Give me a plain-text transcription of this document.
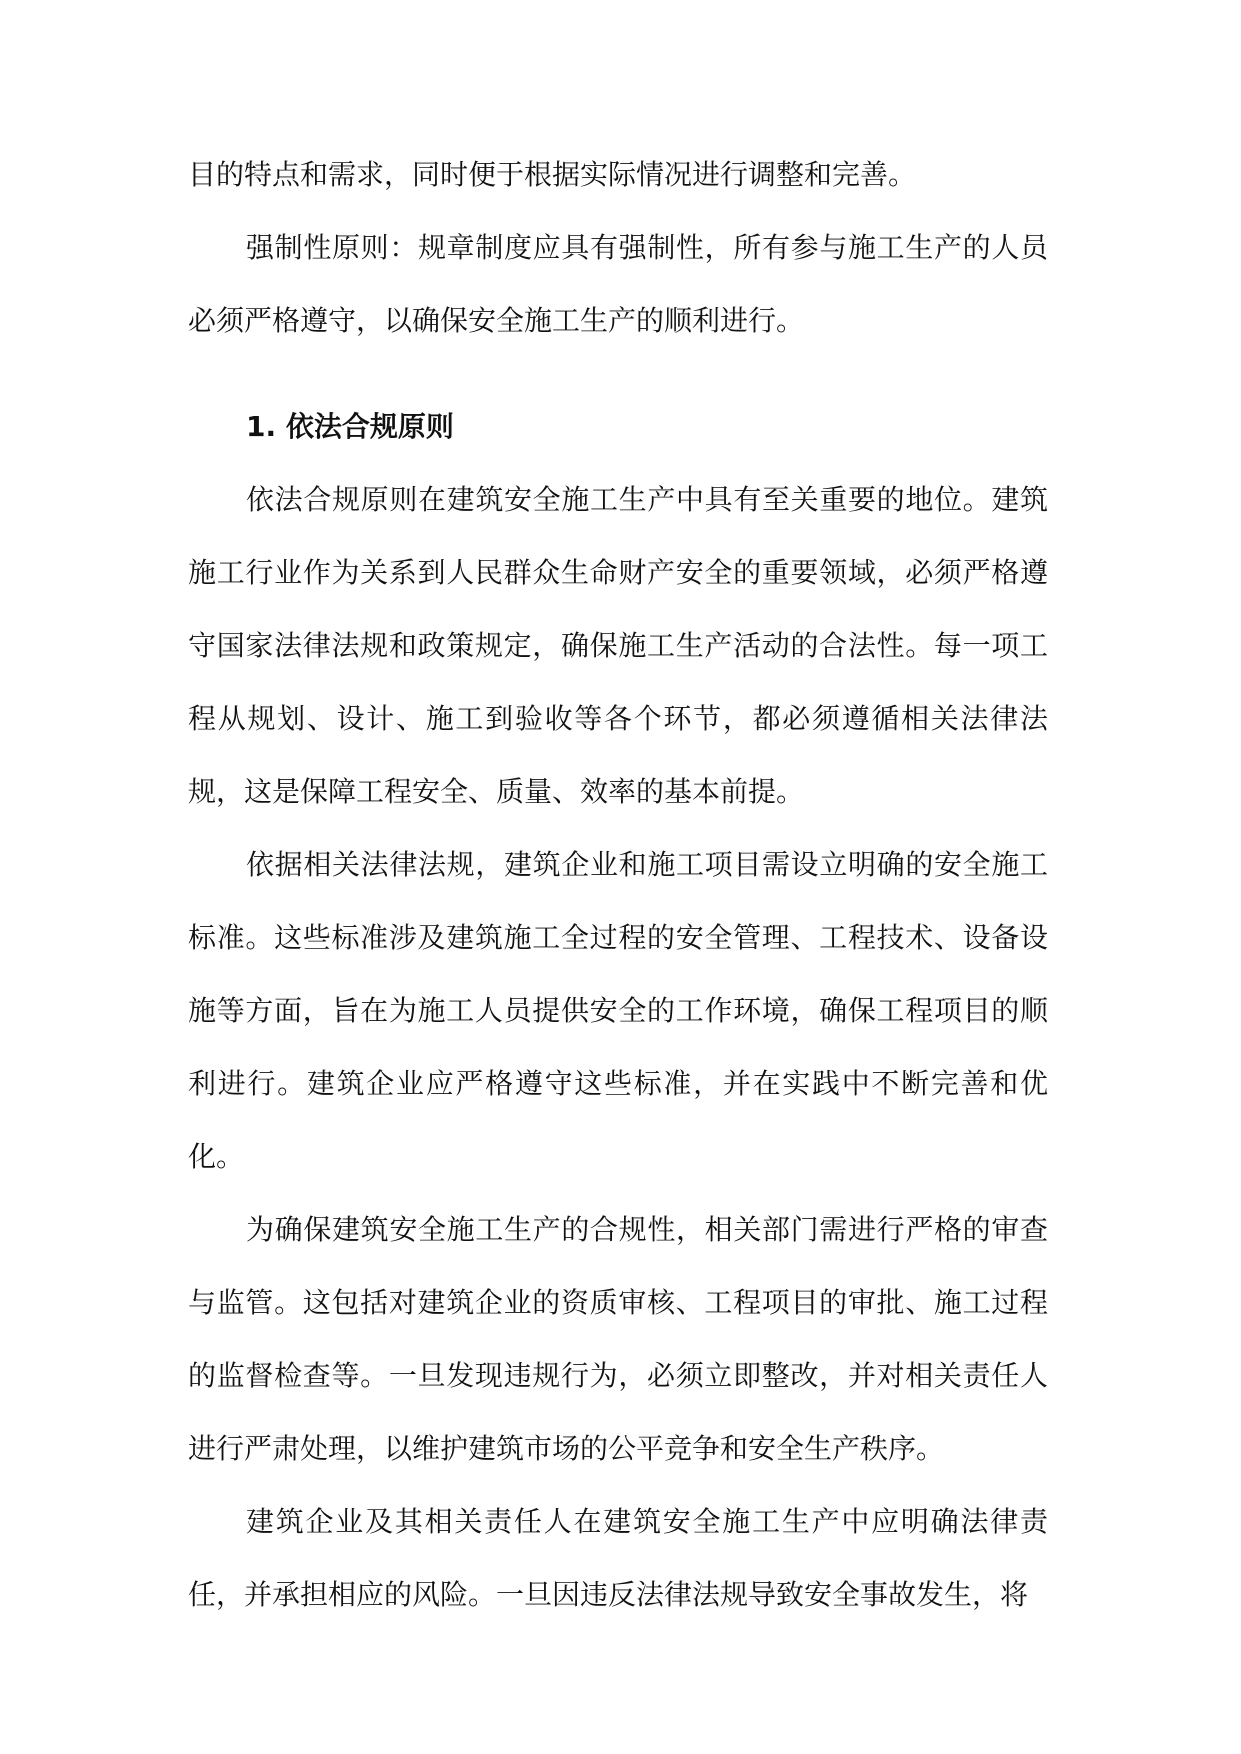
目的特点和需求，同时便于根据实际情况进行调整和完善。

强制性原则：规章制度应具有强制性，所有参与施工生产的人员必须严格遵守，以确保安全施工生产的顺利进行。

1. 依法合规原则

依法合规原则在建筑安全施工生产中具有至关重要的地位。建筑施工行业作为关系到人民群众生命财产安全的重要领域，必须严格遵守国家法律法规和政策规定，确保施工生产活动的合法性。每一项工程从规划、设计、施工到验收等各个环节，都必须遵循相关法律法规，这是保障工程安全、质量、效率的基本前提。

依据相关法律法规，建筑企业和施工项目需设立明确的安全施工标准。这些标准涉及建筑施工全过程的安全管理、工程技术、设备设施等方面，旨在为施工人员提供安全的工作环境，确保工程项目的顺利进行。建筑企业应严格遵守这些标准，并在实践中不断完善和优化。

为确保建筑安全施工生产的合规性，相关部门需进行严格的审查与监管。这包括对建筑企业的资质审核、工程项目的审批、施工过程的监督检查等。一旦发现违规行为，必须立即整改，并对相关责任人进行严肃处理，以维护建筑市场的公平竞争和安全生产秩序。

建筑企业及其相关责任人在建筑安全施工生产中应明确法律责任，并承担相应的风险。一旦因违反法律法规导致安全事故发生，将
